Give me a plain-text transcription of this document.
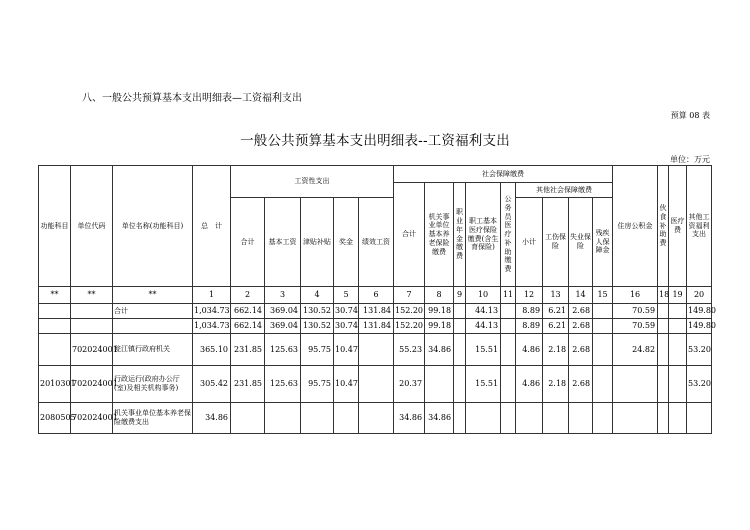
八、一般公共预算基本支出明细表—工资福利支出
预算 08 表
一般公共预算基本支出明细表--工资福利支出
单位：万元
功能科目	单位代码	单位名称(功能科目)	总　计	工资性支出					社会保障缴费									住房公积金	伙食补助费	医疗费	其他工资福利支出
									合计	机关事业单位基本养老保险缴费	职业年金缴费	职工基本医疗保险缴费(含生育保险)	公务员医疗补助缴费	其他社会保障缴费							
				合计	基本工资	津贴补贴	奖金	绩效工资						小计	工伤保险	失业保险	残疾人保障金				
**	**	**	1	2	3	4	5	6	7	8	9	10	11	12	13	14	15	16	18	19	20
		合计	1,034.73	662.14	369.04	130.52	30.74	131.84	152.20	99.18		44.13		8.89	6.21	2.68		70.59			149.80
			1,034.73	662.14	369.04	130.52	30.74	131.84	152.20	99.18		44.13		8.89	6.21	2.68		70.59			149.80
	702024001	瓮江镇行政府机关	365.10	231.85	125.63	95.75	10.47		55.23	34.86		15.51		4.86	2.18	2.68		24.82			53.20
2010301	702024001	行政运行(政府办公厅(室)及相关机构事务)	305.42	231.85	125.63	95.75	10.47		20.37			15.51		4.86	2.18	2.68					53.20
2080505	702024001	机关事业单位基本养老保险缴费支出	34.86						34.86	34.86											
